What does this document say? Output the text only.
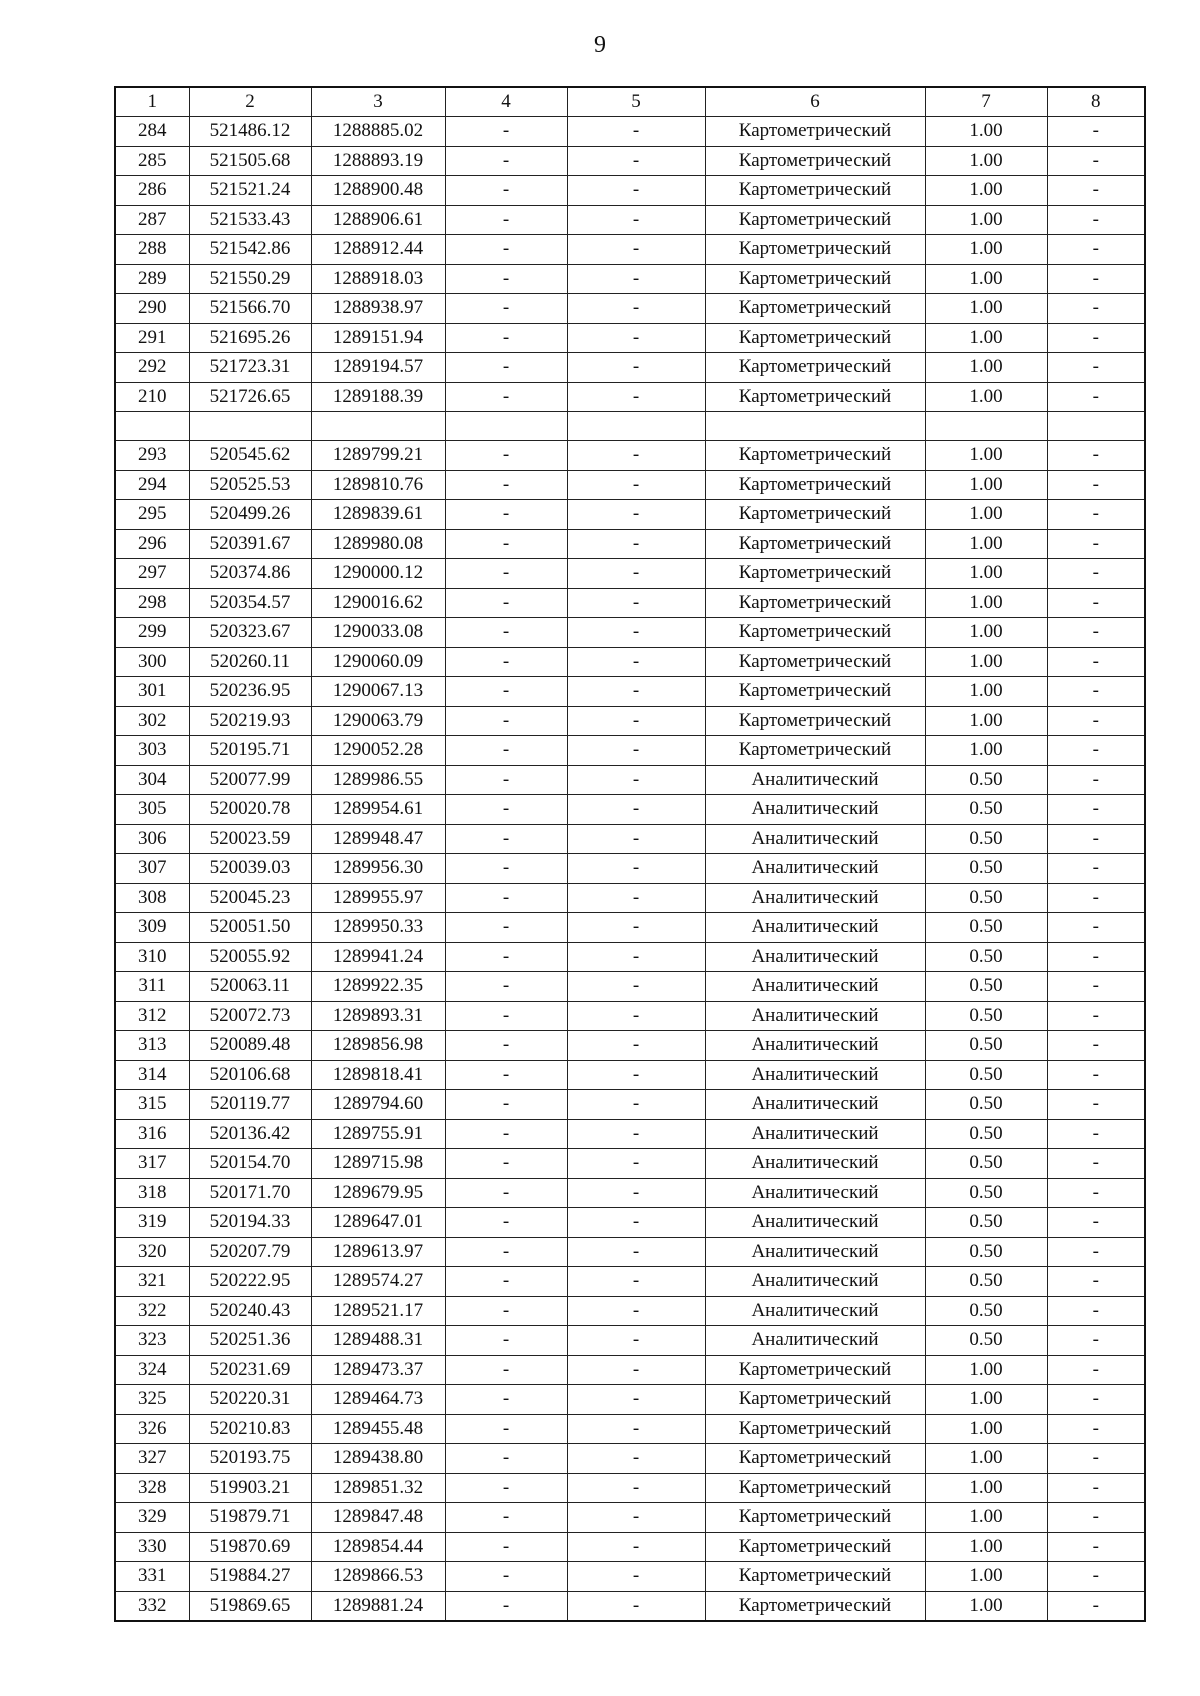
9
1	2	3	4	5	6	7	8
284	521486.12	1288885.02	-	-	Картометрический	1.00	-
285	521505.68	1288893.19	-	-	Картометрический	1.00	-
286	521521.24	1288900.48	-	-	Картометрический	1.00	-
287	521533.43	1288906.61	-	-	Картометрический	1.00	-
288	521542.86	1288912.44	-	-	Картометрический	1.00	-
289	521550.29	1288918.03	-	-	Картометрический	1.00	-
290	521566.70	1288938.97	-	-	Картометрический	1.00	-
291	521695.26	1289151.94	-	-	Картометрический	1.00	-
292	521723.31	1289194.57	-	-	Картометрический	1.00	-
210	521726.65	1289188.39	-	-	Картометрический	1.00	-

293	520545.62	1289799.21	-	-	Картометрический	1.00	-
294	520525.53	1289810.76	-	-	Картометрический	1.00	-
295	520499.26	1289839.61	-	-	Картометрический	1.00	-
296	520391.67	1289980.08	-	-	Картометрический	1.00	-
297	520374.86	1290000.12	-	-	Картометрический	1.00	-
298	520354.57	1290016.62	-	-	Картометрический	1.00	-
299	520323.67	1290033.08	-	-	Картометрический	1.00	-
300	520260.11	1290060.09	-	-	Картометрический	1.00	-
301	520236.95	1290067.13	-	-	Картометрический	1.00	-
302	520219.93	1290063.79	-	-	Картометрический	1.00	-
303	520195.71	1290052.28	-	-	Картометрический	1.00	-
304	520077.99	1289986.55	-	-	Аналитический	0.50	-
305	520020.78	1289954.61	-	-	Аналитический	0.50	-
306	520023.59	1289948.47	-	-	Аналитический	0.50	-
307	520039.03	1289956.30	-	-	Аналитический	0.50	-
308	520045.23	1289955.97	-	-	Аналитический	0.50	-
309	520051.50	1289950.33	-	-	Аналитический	0.50	-
310	520055.92	1289941.24	-	-	Аналитический	0.50	-
311	520063.11	1289922.35	-	-	Аналитический	0.50	-
312	520072.73	1289893.31	-	-	Аналитический	0.50	-
313	520089.48	1289856.98	-	-	Аналитический	0.50	-
314	520106.68	1289818.41	-	-	Аналитический	0.50	-
315	520119.77	1289794.60	-	-	Аналитический	0.50	-
316	520136.42	1289755.91	-	-	Аналитический	0.50	-
317	520154.70	1289715.98	-	-	Аналитический	0.50	-
318	520171.70	1289679.95	-	-	Аналитический	0.50	-
319	520194.33	1289647.01	-	-	Аналитический	0.50	-
320	520207.79	1289613.97	-	-	Аналитический	0.50	-
321	520222.95	1289574.27	-	-	Аналитический	0.50	-
322	520240.43	1289521.17	-	-	Аналитический	0.50	-
323	520251.36	1289488.31	-	-	Аналитический	0.50	-
324	520231.69	1289473.37	-	-	Картометрический	1.00	-
325	520220.31	1289464.73	-	-	Картометрический	1.00	-
326	520210.83	1289455.48	-	-	Картометрический	1.00	-
327	520193.75	1289438.80	-	-	Картометрический	1.00	-
328	519903.21	1289851.32	-	-	Картометрический	1.00	-
329	519879.71	1289847.48	-	-	Картометрический	1.00	-
330	519870.69	1289854.44	-	-	Картометрический	1.00	-
331	519884.27	1289866.53	-	-	Картометрический	1.00	-
332	519869.65	1289881.24	-	-	Картометрический	1.00	-
